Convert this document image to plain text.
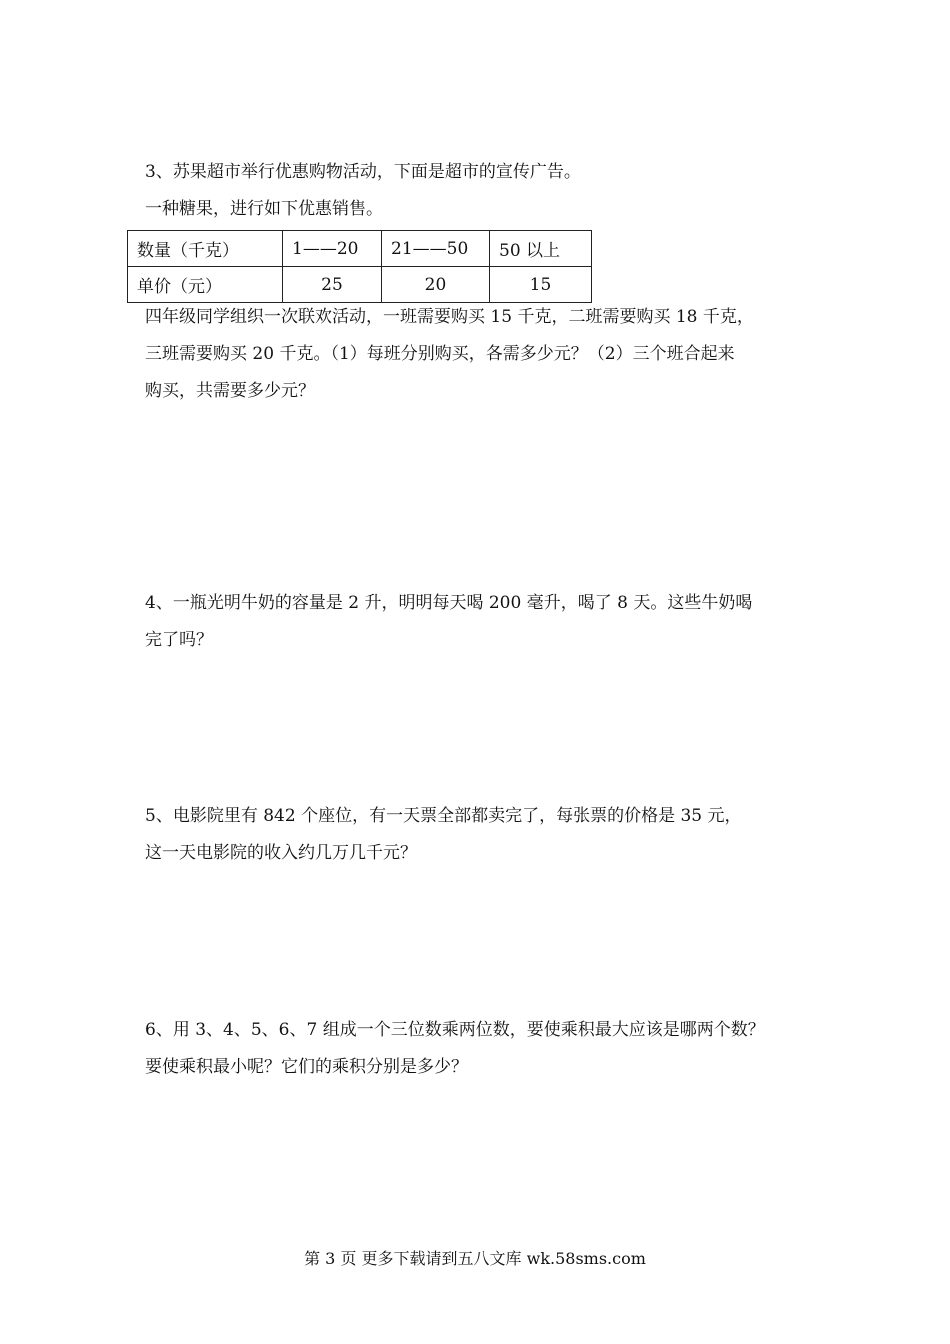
3、苏果超市举行优惠购物活动，下面是超市的宣传广告。
一种糖果，进行如下优惠销售。
数量（千克）	1——20	21——50	50 以上
单价（元）	25	20	15
四年级同学组织一次联欢活动，一班需要购买 15 千克，二班需要购买 18 千克，
三班需要购买 20 千克。（1）每班分别购买，各需多少元？（2）三个班合起来
购买，共需要多少元？
4、一瓶光明牛奶的容量是 2 升，明明每天喝 200 毫升，喝了 8 天。这些牛奶喝
完了吗？
5、电影院里有 842 个座位，有一天票全部都卖完了，每张票的价格是 35 元，
这一天电影院的收入约几万几千元？
6、用 3、4、5、6、7 组成一个三位数乘两位数，要使乘积最大应该是哪两个数？
要使乘积最小呢？它们的乘积分别是多少？
第 3 页 更多下载请到五八文库 wk.58sms.com
